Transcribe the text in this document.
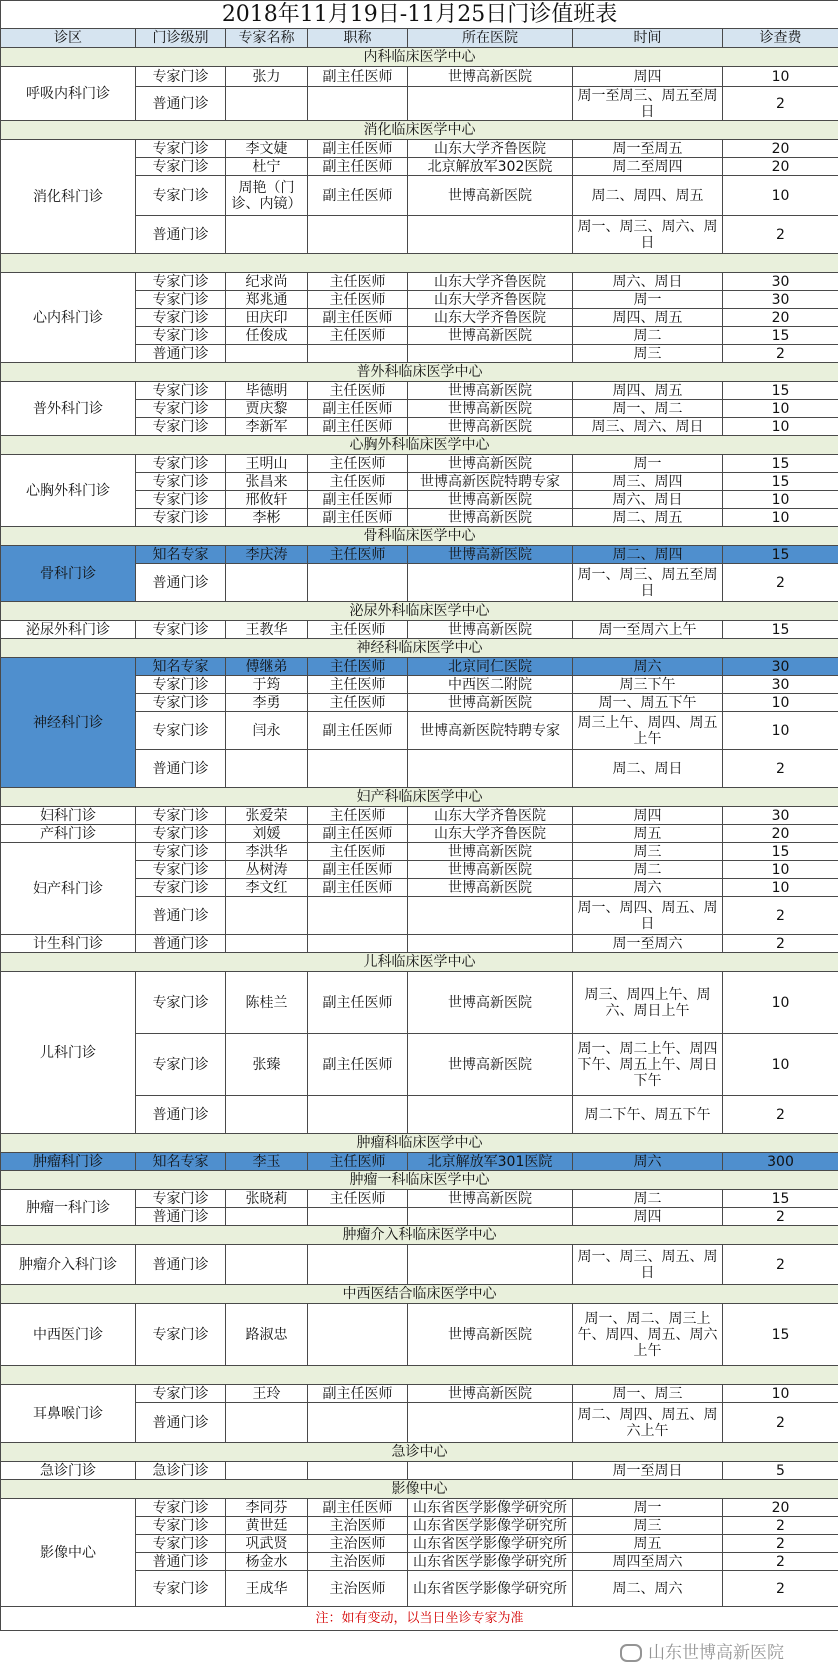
2018年11月19日-11月25日门诊值班表						
诊区	门诊级别	专家名称	职称	所在医院	时间	诊查费
内科临床医学中心						
呼吸内科门诊	专家门诊	张力	副主任医师	世博高新医院	周四	10
	普通门诊				周一至周三、周五至周日	2
消化临床医学中心						
消化科门诊	专家门诊	李文婕	副主任医师	山东大学齐鲁医院	周一至周五	20
	专家门诊	杜宁	副主任医师	北京解放军302医院	周二至周四	20
	专家门诊	周艳（门诊、内镜）	副主任医师	世博高新医院	周二、周四、周五	10
	普通门诊				周一、周三、周六、周日	2

心内科门诊	专家门诊	纪求尚	主任医师	山东大学齐鲁医院	周六、周日	30
	专家门诊	郑兆通	主任医师	山东大学齐鲁医院	周一	30
	专家门诊	田庆印	副主任医师	山东大学齐鲁医院	周四、周五	20
	专家门诊	任俊成	主任医师	世博高新医院	周二	15
	普通门诊				周三	2
普外科临床医学中心						
普外科门诊	专家门诊	毕德明	主任医师	世博高新医院	周四、周五	15
	专家门诊	贾庆黎	副主任医师	世博高新医院	周一、周二	10
	专家门诊	李新军	副主任医师	世博高新医院	周三、周六、周日	10
心胸外科临床医学中心						
心胸外科门诊	专家门诊	王明山	主任医师	世博高新医院	周一	15
	专家门诊	张昌来	主任医师	世博高新医院特聘专家	周三、周四	15
	专家门诊	邢攸轩	副主任医师	世博高新医院	周六、周日	10
	专家门诊	李彬	副主任医师	世博高新医院	周二、周五	10
骨科临床医学中心						
骨科门诊	知名专家	李庆涛	主任医师	世博高新医院	周二、周四	15
	普通门诊				周一、周三、周五至周日	2
泌尿外科临床医学中心						
泌尿外科门诊	专家门诊	王教华	主任医师	世博高新医院	周一至周六上午	15
神经科临床医学中心						
神经科门诊	知名专家	傅继弟	主任医师	北京同仁医院	周六	30
	专家门诊	于筠	主任医师	中西医二附院	周三下午	30
	专家门诊	李勇	主任医师	世博高新医院	周一、周五下午	10
	专家门诊	闫永	副主任医师	世博高新医院特聘专家	周三上午、周四、周五上午	10
	普通门诊				周二、周日	2
妇产科临床医学中心						
妇科门诊	专家门诊	张爱荣	主任医师	山东大学齐鲁医院	周四	30
产科门诊	专家门诊	刘媛	副主任医师	山东大学齐鲁医院	周五	20
妇产科门诊	专家门诊	李洪华	主任医师	世博高新医院	周三	15
	专家门诊	丛树涛	副主任医师	世博高新医院	周二	10
	专家门诊	李文红	副主任医师	世博高新医院	周六	10
	普通门诊				周一、周四、周五、周日	2
计生科门诊	普通门诊				周一至周六	2
儿科临床医学中心						
儿科门诊	专家门诊	陈桂兰	副主任医师	世博高新医院	周三、周四上午、周六、周日上午	10
	专家门诊	张臻	副主任医师	世博高新医院	周一、周二上午、周四下午、周五上午、周日下午	10
	普通门诊				周二下午、周五下午	2
肿瘤科临床医学中心						
肿瘤科门诊	知名专家	李玉	主任医师	北京解放军301医院	周六	300
肿瘤一科临床医学中心						
肿瘤一科门诊	专家门诊	张晓莉	主任医师	世博高新医院	周二	15
	普通门诊				周四	2
肿瘤介入科临床医学中心						
肿瘤介入科门诊	普通门诊				周一、周三、周五、周日	2
中西医结合临床医学中心						
中西医门诊	专家门诊	路淑忠		世博高新医院	周一、周二、周三上午、周四、周五、周六上午	15

耳鼻喉门诊	专家门诊	王玲	副主任医师	世博高新医院	周一、周三	10
	普通门诊				周二、周四、周五、周六上午	2
急诊中心						
急诊门诊	急诊门诊				周一至周日	5
影像中心						
影像中心	专家门诊	李同芬	副主任医师	山东省医学影像学研究所	周一	20
	专家门诊	黄世廷	主治医师	山东省医学影像学研究所	周三	2
	专家门诊	巩武贤	主治医师	山东省医学影像学研究所	周五	2
	普通门诊	杨金水	主治医师	山东省医学影像学研究所	周四至周六	2
	专家门诊	王成华	主治医师	山东省医学影像学研究所	周二、周六	2
注：如有变动，以当日坐诊专家为准						
山东世博高新医院
